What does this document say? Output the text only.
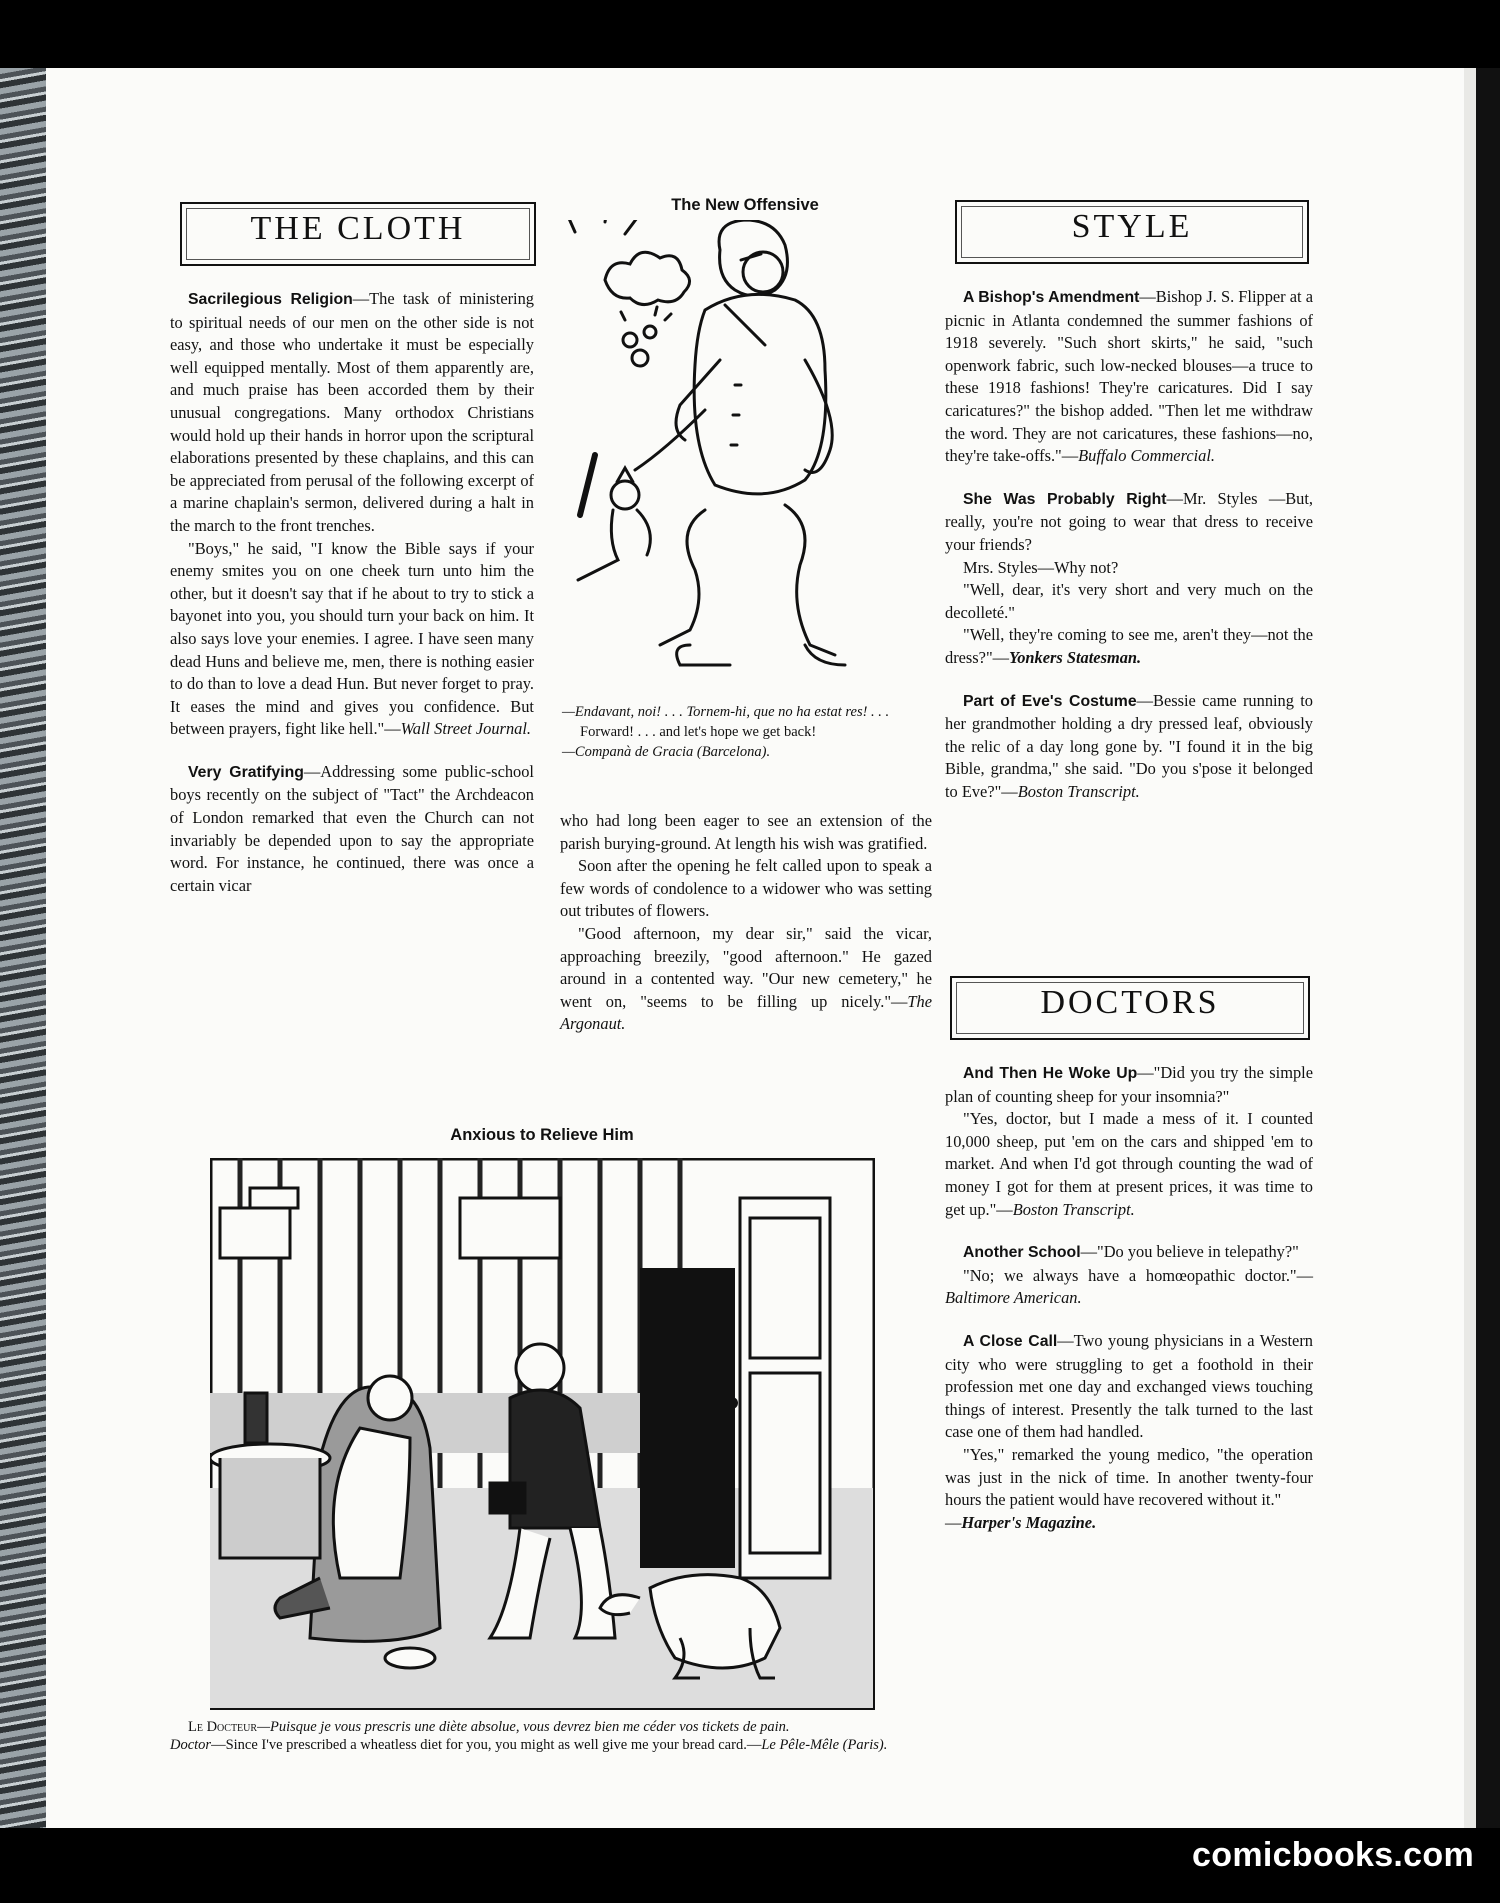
THE CLOTH

Sacrilegious Religion—The task of ministering to spiritual needs of our men on the other side is not easy, and those who undertake it must be especially well equipped mentally. Most of them apparently are, and much praise has been accorded them by their unusual congregations. Many orthodox Christians would hold up their hands in horror upon the scriptural elaborations presented by these chaplains, and this can be appreciated from perusal of the following excerpt of a marine chaplain's sermon, delivered during a halt in the march to the front trenches.

"Boys," he said, "I know the Bible says if your enemy smites you on one cheek turn unto him the other, but it doesn't say that if he about to try to stick a bayonet into you, you should turn your back on him. It also says love your enemies. I agree. I have seen many dead Huns and believe me, men, there is nothing easier to do than to love a dead Hun. But never forget to pray. It eases the mind and gives you confidence. But between prayers, fight like hell."—Wall Street Journal.

Very Gratifying—Addressing some public-school boys recently on the subject of "Tact" the Archdeacon of London remarked that even the Church can not invariably be depended upon to say the appropriate word. For instance, he continued, there was once a certain vicar

The New Offensive
—Endavant, noi! . . . Tornem-hi, que no ha estat res! . . .
Forward! . . . and let's hope we get back!
—Companà de Gracia (Barcelona).

who had long been eager to see an extension of the parish burying-ground. At length his wish was gratified.

Soon after the opening he felt called upon to speak a few words of condolence to a widower who was setting out tributes of flowers.

"Good afternoon, my dear sir," said the vicar, approaching breezily, "good afternoon." He gazed around in a contented way. "Our new cemetery," he went on, "seems to be filling up nicely."—The Argonaut.

Anxious to Relieve Him
Le Docteur—Puisque je vous prescris une diète absolue, vous devrez bien me céder vos tickets de pain.
Doctor—Since I've prescribed a wheatless diet for you, you might as well give me your bread card.—Le Pêle-Mêle (Paris).
STYLE

A Bishop's Amendment—Bishop J. S. Flipper at a picnic in Atlanta condemned the summer fashions of 1918 severely. "Such short skirts," he said, "such openwork fabric, such low-necked blouses—a truce to these 1918 fashions! They're caricatures. Did I say caricatures?" the bishop added. "Then let me withdraw the word. They are not caricatures, these fashions—no, they're take-offs."—Buffalo Commercial.

She Was Probably Right—Mr. Styles —But, really, you're not going to wear that dress to receive your friends?

Mrs. Styles—Why not?

"Well, dear, it's very short and very much on the decolleté."

"Well, they're coming to see me, aren't they—not the dress?"—Yonkers Statesman.

Part of Eve's Costume—Bessie came running to her grandmother holding a dry pressed leaf, obviously the relic of a day long gone by. "I found it in the big Bible, grandma," she said. "Do you s'pose it belonged to Eve?"—Boston Transcript.

DOCTORS

And Then He Woke Up—"Did you try the simple plan of counting sheep for your insomnia?"

"Yes, doctor, but I made a mess of it. I counted 10,000 sheep, put 'em on the cars and shipped 'em to market. And when I'd got through counting the wad of money I got for them at present prices, it was time to get up."—Boston Transcript.

Another School—"Do you believe in telepathy?"

"No; we always have a homœopathic doctor."—Baltimore American.

A Close Call—Two young physicians in a Western city who were struggling to get a foothold in their profession met one day and exchanged views touching things of interest. Presently the talk turned to the last case one of them had handled.

"Yes," remarked the young medico, "the operation was just in the nick of time. In another twenty-four hours the patient would have recovered without it."

—Harper's Magazine.

comicbooks.com
